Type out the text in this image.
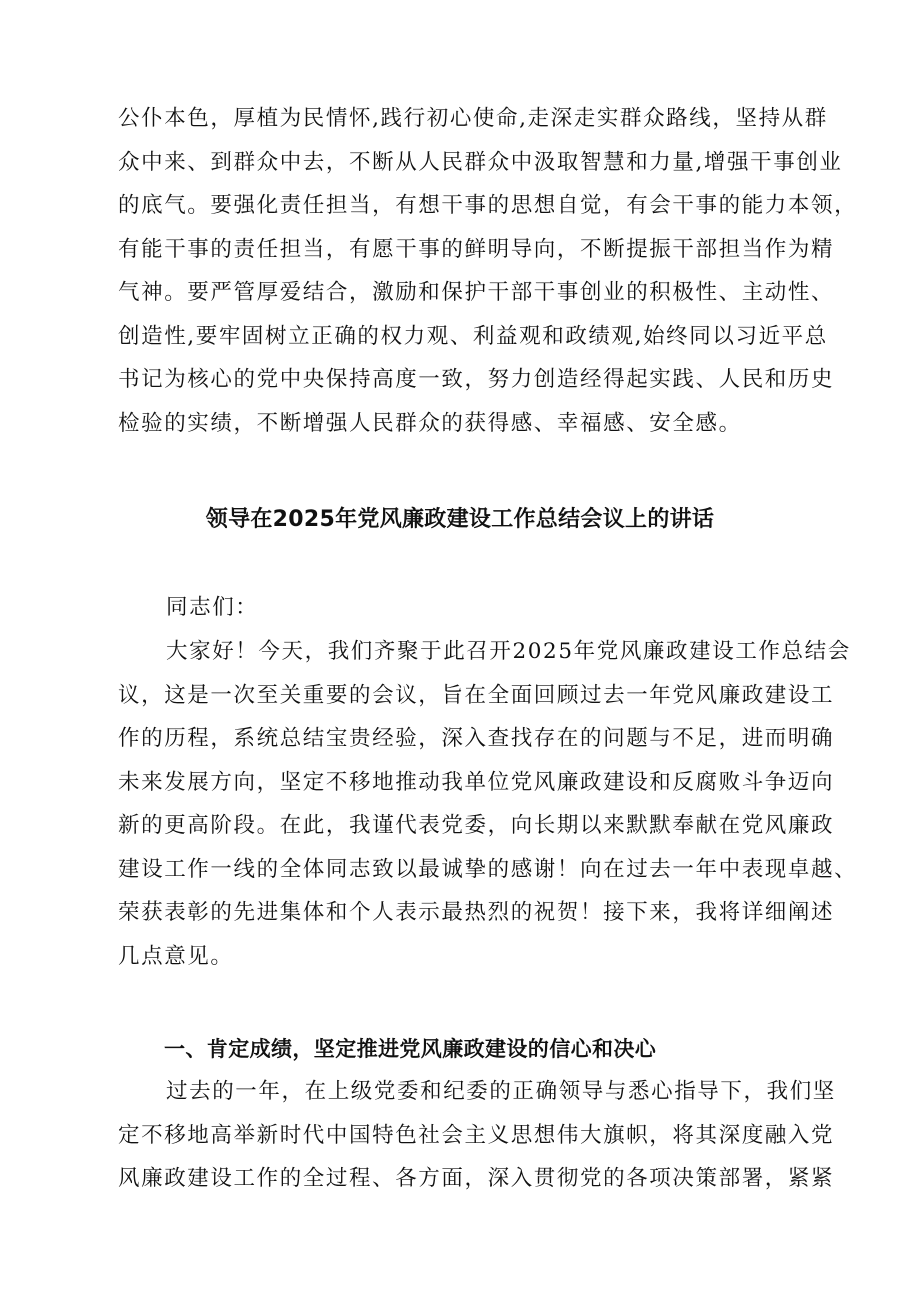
公仆本色，厚植为民情怀,践行初心使命,走深走实群众路线，坚持从群
众中来、到群众中去，不断从人民群众中汲取智慧和力量,增强干事创业
的底气。要强化责任担当，有想干事的思想自觉，有会干事的能力本领，
有能干事的责任担当，有愿干事的鲜明导向，不断提振干部担当作为精
气神。要严管厚爱结合，激励和保护干部干事创业的积极性、主动性、
创造性,要牢固树立正确的权力观、利益观和政绩观,始终同以习近平总
书记为核心的党中央保持高度一致，努力创造经得起实践、人民和历史
检验的实绩，不断增强人民群众的获得感、幸福感、安全感。
领导在2025年党风廉政建设工作总结会议上的讲话
同志们：
大家好！今天，我们齐聚于此召开2025年党风廉政建设工作总结会
议，这是一次至关重要的会议，旨在全面回顾过去一年党风廉政建设工
作的历程，系统总结宝贵经验，深入查找存在的问题与不足，进而明确
未来发展方向，坚定不移地推动我单位党风廉政建设和反腐败斗争迈向
新的更高阶段。在此，我谨代表党委，向长期以来默默奉献在党风廉政
建设工作一线的全体同志致以最诚挚的感谢！向在过去一年中表现卓越、
荣获表彰的先进集体和个人表示最热烈的祝贺！接下来，我将详细阐述
几点意见。
一、肯定成绩，坚定推进党风廉政建设的信心和决心
过去的一年，在上级党委和纪委的正确领导与悉心指导下，我们坚
定不移地高举新时代中国特色社会主义思想伟大旗帜，将其深度融入党
风廉政建设工作的全过程、各方面，深入贯彻党的各项决策部署，紧紧
